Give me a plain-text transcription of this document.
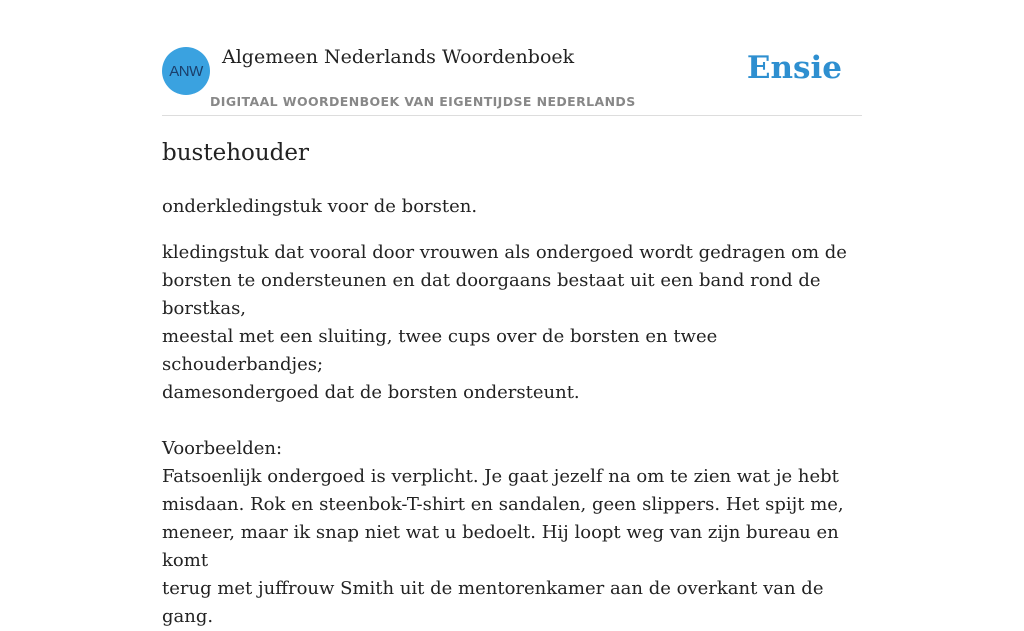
ANW
Algemeen Nederlands Woordenboek
DIGITAAL WOORDENBOEK VAN EIGENTIJDSE NEDERLANDS
Ensie
bustehouder
onderkledingstuk voor de borsten.

kledingstuk dat vooral door vrouwen als ondergoed wordt gedragen om de

borsten te ondersteunen en dat doorgaans bestaat uit een band rond de borstkas,

meestal met een sluiting, twee cups over de borsten en twee schouderbandjes;

damesondergoed dat de borsten ondersteunt.

Voorbeelden:

Fatsoenlijk ondergoed is verplicht. Je gaat jezelf na om te zien wat je hebt

misdaan. Rok en steenbok-T-shirt en sandalen, geen slippers. Het spijt me,

meneer, maar ik snap niet wat u bedoelt. Hij loopt weg van zijn bureau en komt

terug met juffrouw Smith uit de mentorenkamer aan de overkant van de gang.
